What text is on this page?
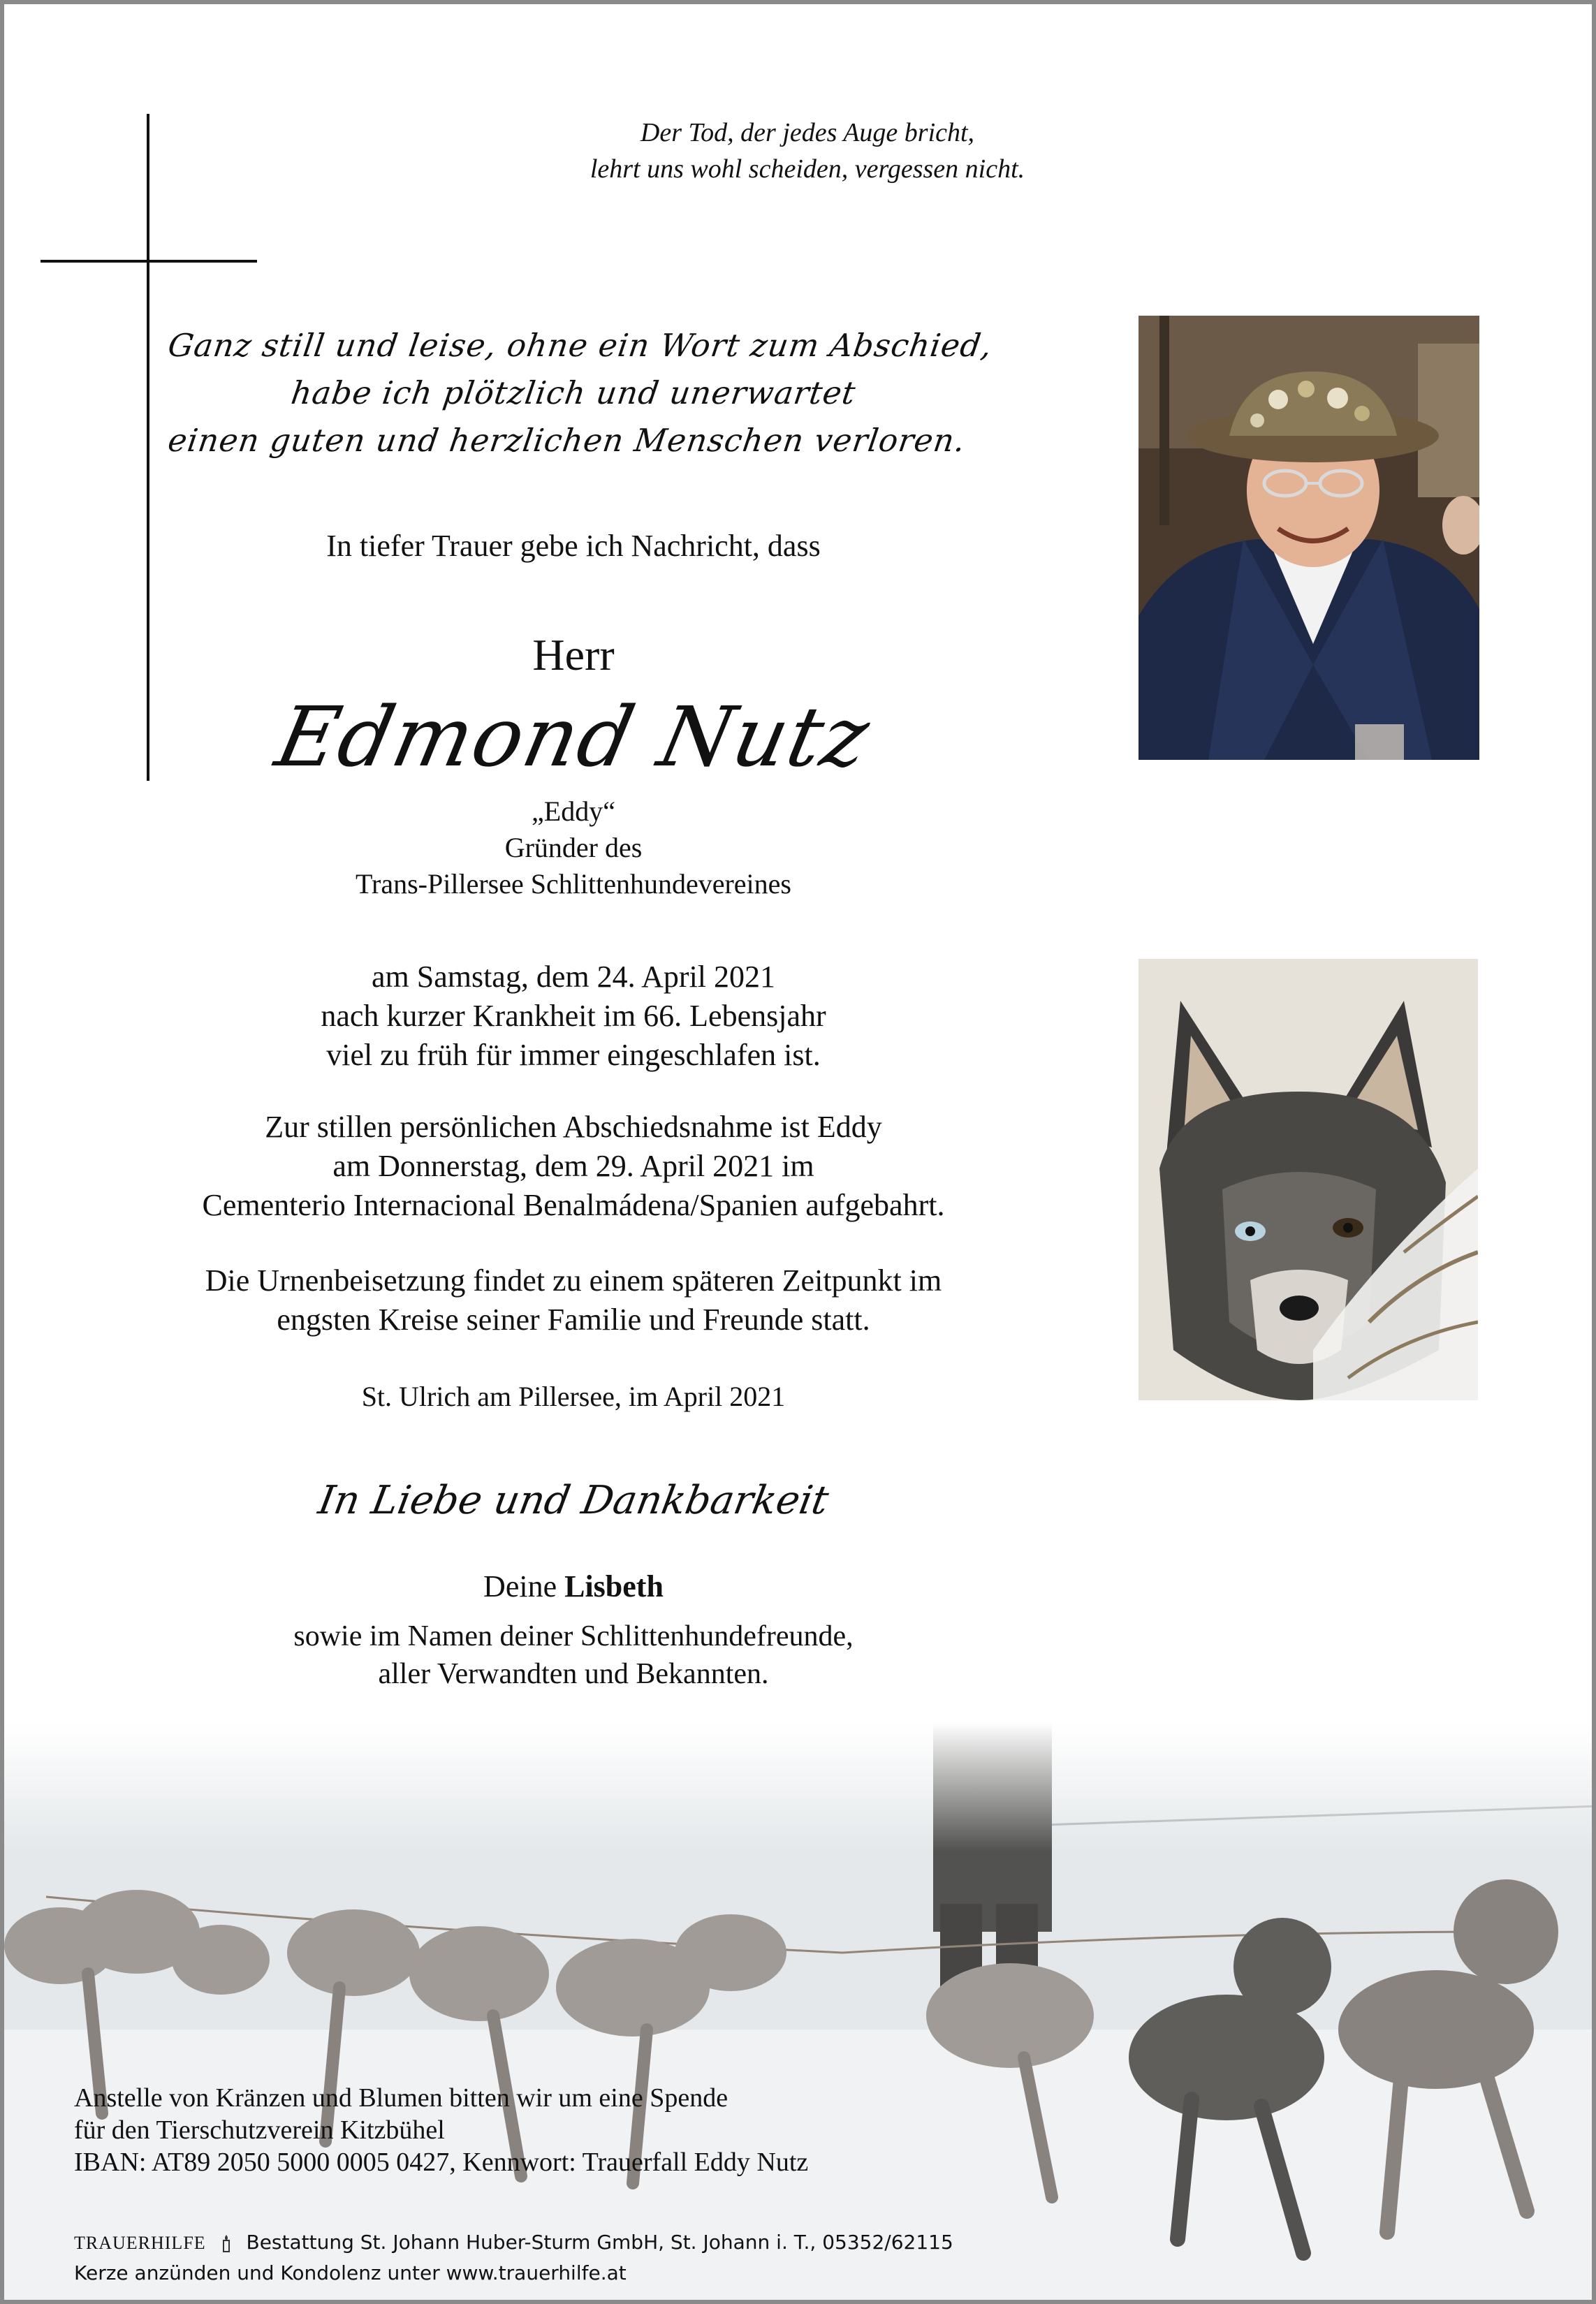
Der Tod, der jedes Auge bricht,
lehrt uns wohl scheiden, vergessen nicht.
Ganz still und leise, ohne ein Wort zum Abschied,
habe ich plötzlich und unerwartet
einen guten und herzlichen Menschen verloren.
In tiefer Trauer gebe ich Nachricht, dass
Herr
Edmond Nutz
„Eddy“
Gründer des
Trans-Pillersee Schlittenhundevereines
am Samstag, dem 24. April 2021
nach kurzer Krankheit im 66. Lebensjahr
viel zu früh für immer eingeschlafen ist.
Zur stillen persönlichen Abschiedsnahme ist Eddy
am Donnerstag, dem 29. April 2021 im
Cementerio Internacional Benalmádena/Spanien aufgebahrt.
Die Urnenbeisetzung findet zu einem späteren Zeitpunkt im
engsten Kreise seiner Familie und Freunde statt.
St. Ulrich am Pillersee, im April 2021
In Liebe und Dankbarkeit
Deine Lisbeth
sowie im Namen deiner Schlittenhundefreunde,
aller Verwandten und Bekannten.
Anstelle von Kränzen und Blumen bitten wir um eine Spende
für den Tierschutzverein Kitzbühel
IBAN: AT89 2050 5000 0005 0427, Kennwort: Trauerfall Eddy Nutz
TRAUERHILFE Bestattung St. Johann Huber-Sturm GmbH, St. Johann i. T., 05352/62115
Kerze anzünden und Kondolenz unter www.trauerhilfe.at
